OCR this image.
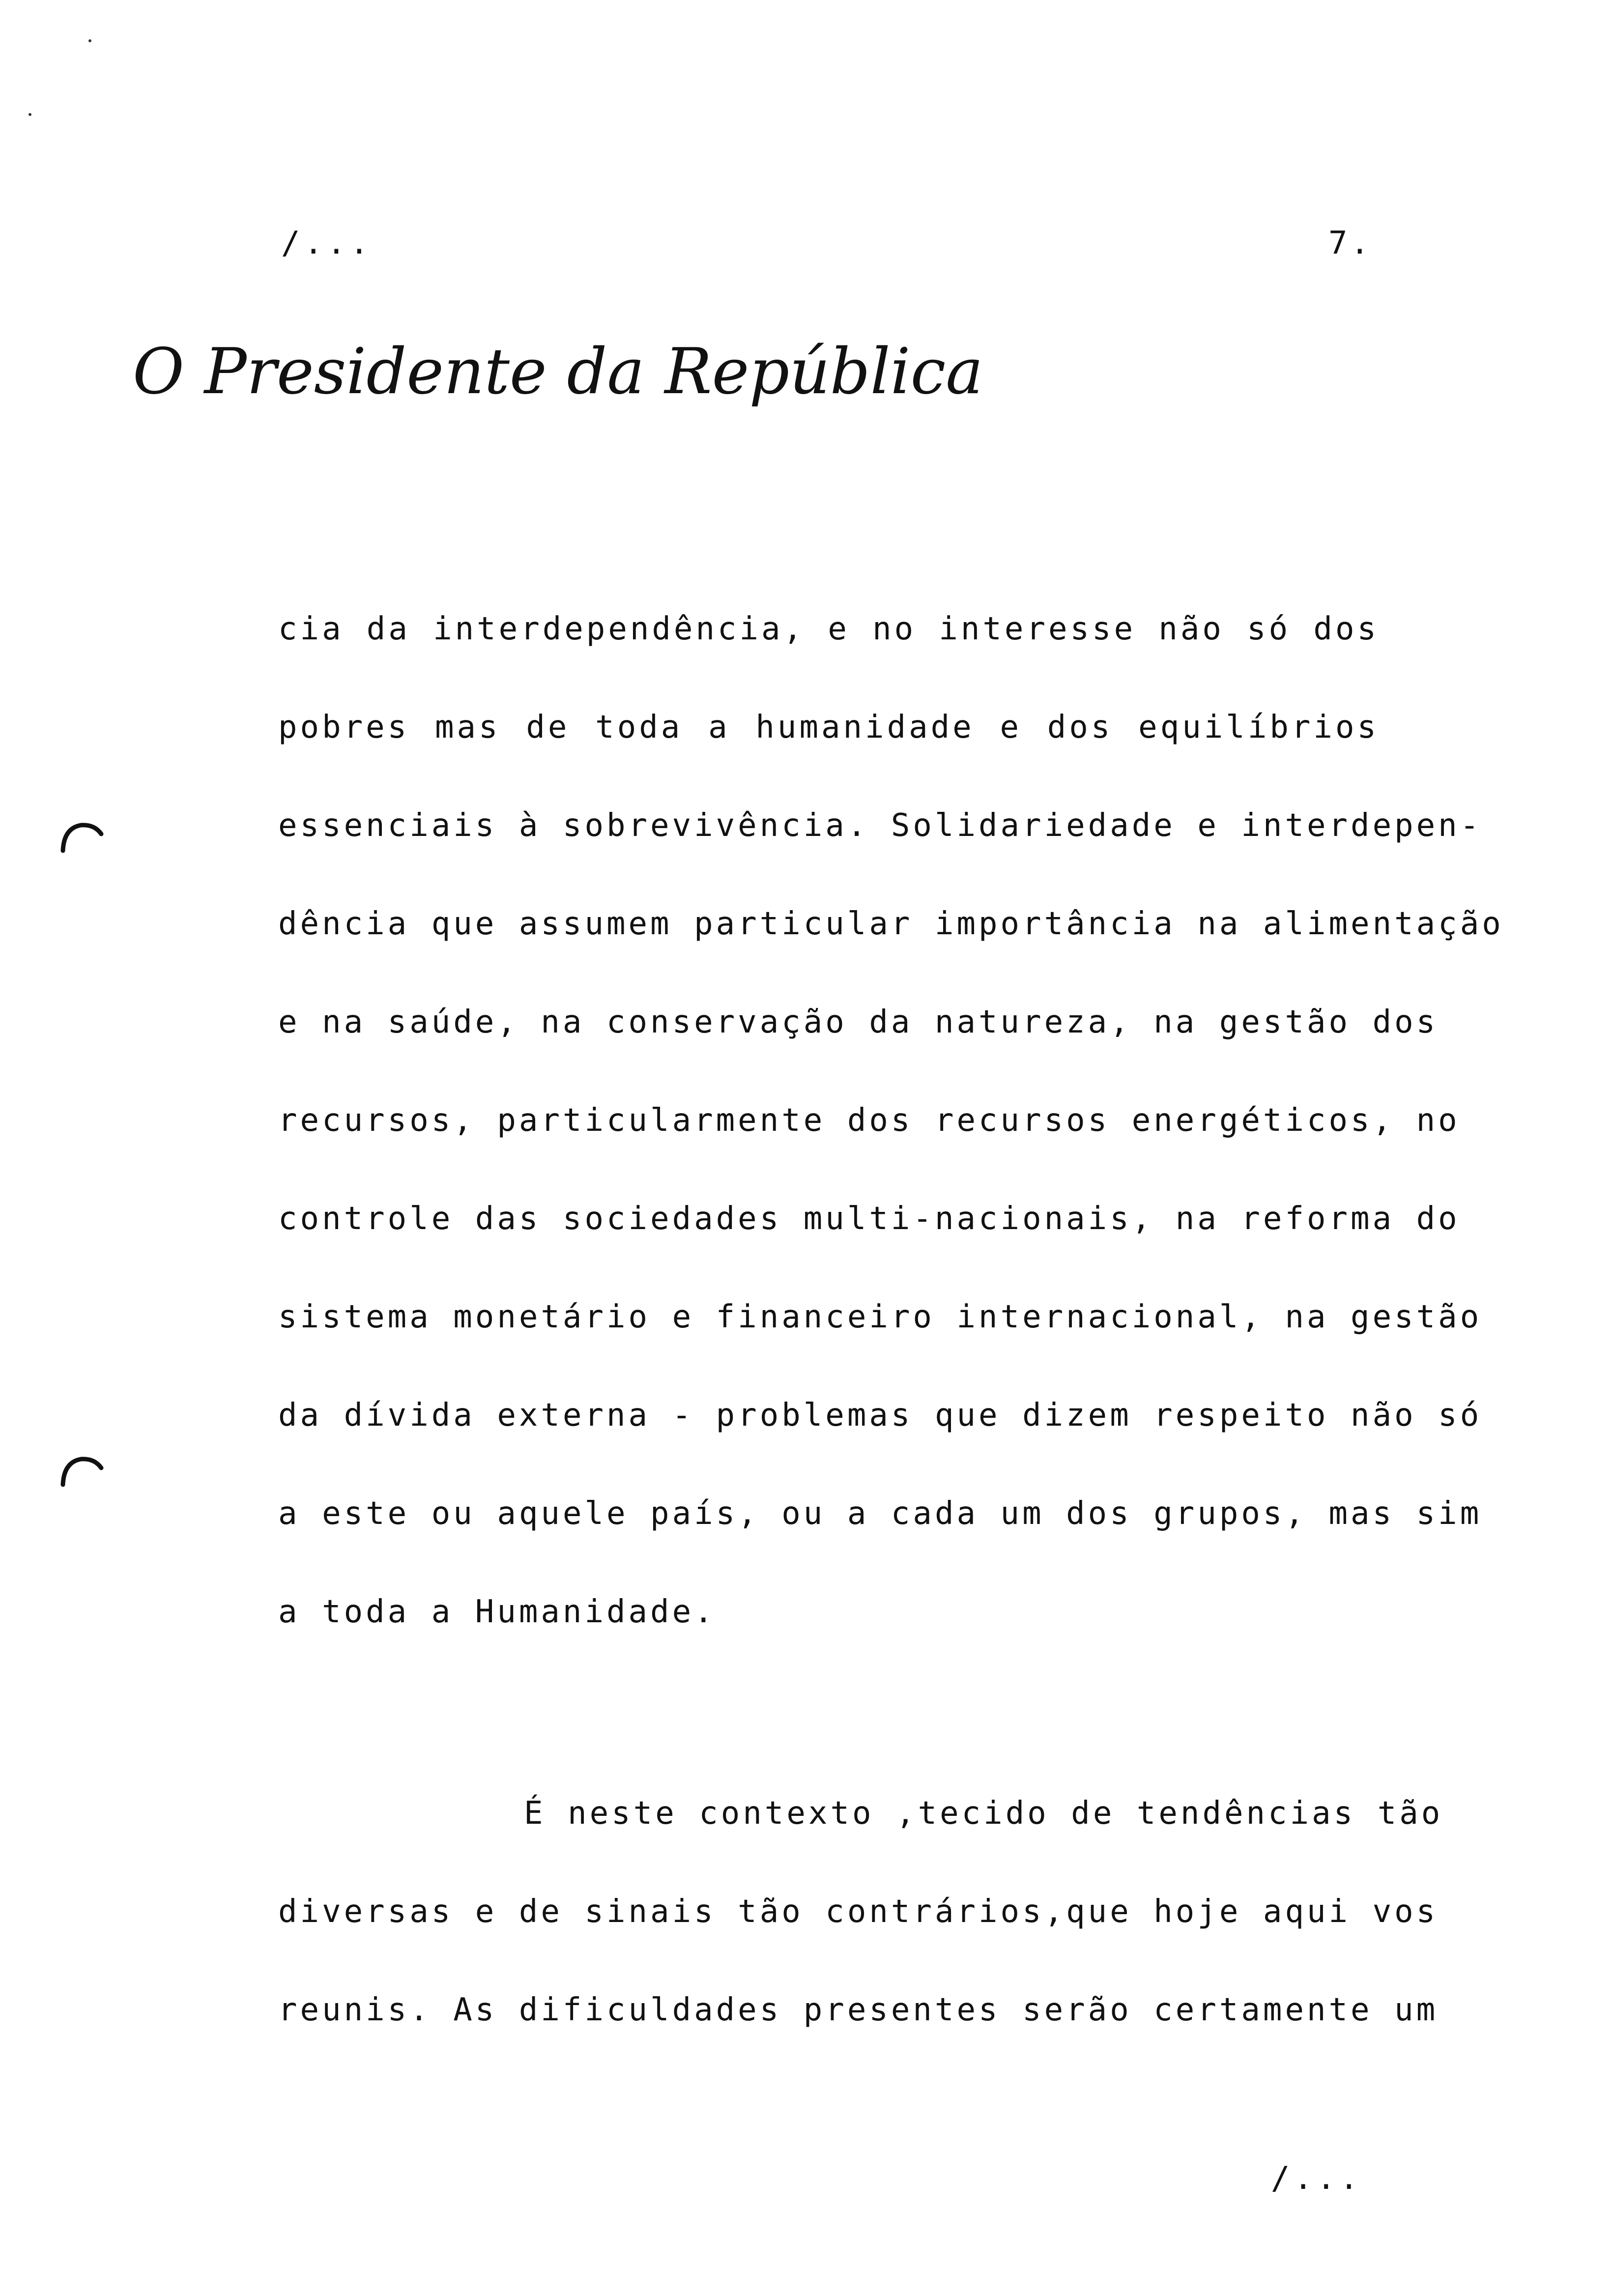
/...	7.
O Presidente da República
cia da interdependência, e no interesse não só dos
pobres mas de toda a humanidade e dos equilíbrios
essenciais à sobrevivência. Solidariedade e interdepen-
dência que assumem particular importância na alimentação
e na saúde, na conservação da natureza, na gestão dos
recursos, particularmente dos recursos energéticos, no
controle das sociedades multi-nacionais, na reforma do
sistema monetário e financeiro internacional, na gestão
da dívida externa - problemas que dizem respeito não só
a este ou aquele país, ou a cada um dos grupos, mas sim
a toda a Humanidade.
É neste contexto ,tecido de tendências tão
diversas e de sinais tão contrários,que hoje aqui vos
reunis. As dificuldades presentes serão certamente um
/...
